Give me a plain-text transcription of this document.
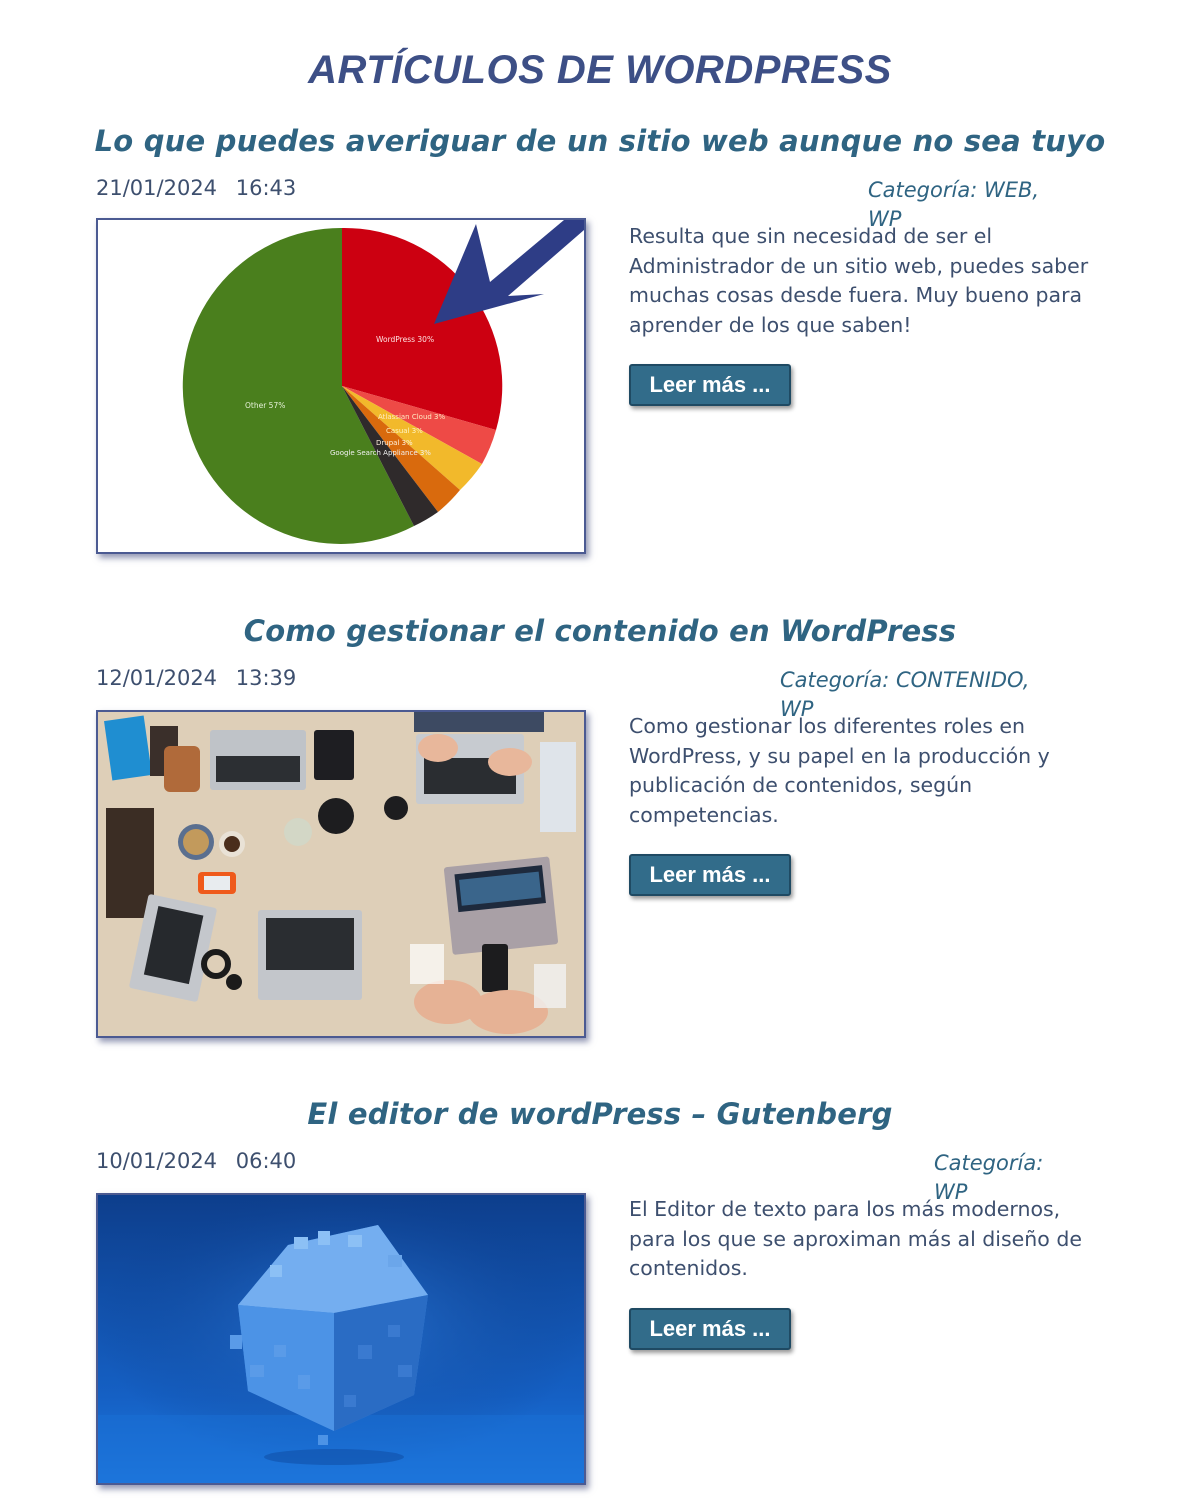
ARTÍCULOS DE WORDPRESS
Lo que puedes averiguar de un sitio web aunque no sea tuyo
21/01/2024 16:43	Categoría: WEB, WP
WordPress 30%
Other 57%
Atlassian Cloud 3%
Casual 3%
Drupal 3%
Google Search Appliance 3%

Resulta que sin necesidad de ser el Administrador de un sitio web, puedes saber muchas cosas desde fuera. Muy bueno para aprender de los que saben!

Leer más ...
Como gestionar el contenido en WordPress
12/01/2024 13:39	Categoría: CONTENIDO, WP

Como gestionar los diferentes roles en WordPress, y su papel en la producción y publicación de contenidos, según competencias.

Leer más ...
El editor de wordPress – Gutenberg
10/01/2024 06:40	Categoría: WP

El Editor de texto para los más modernos, para los que se aproximan más al diseño de contenidos.

Leer más ...
